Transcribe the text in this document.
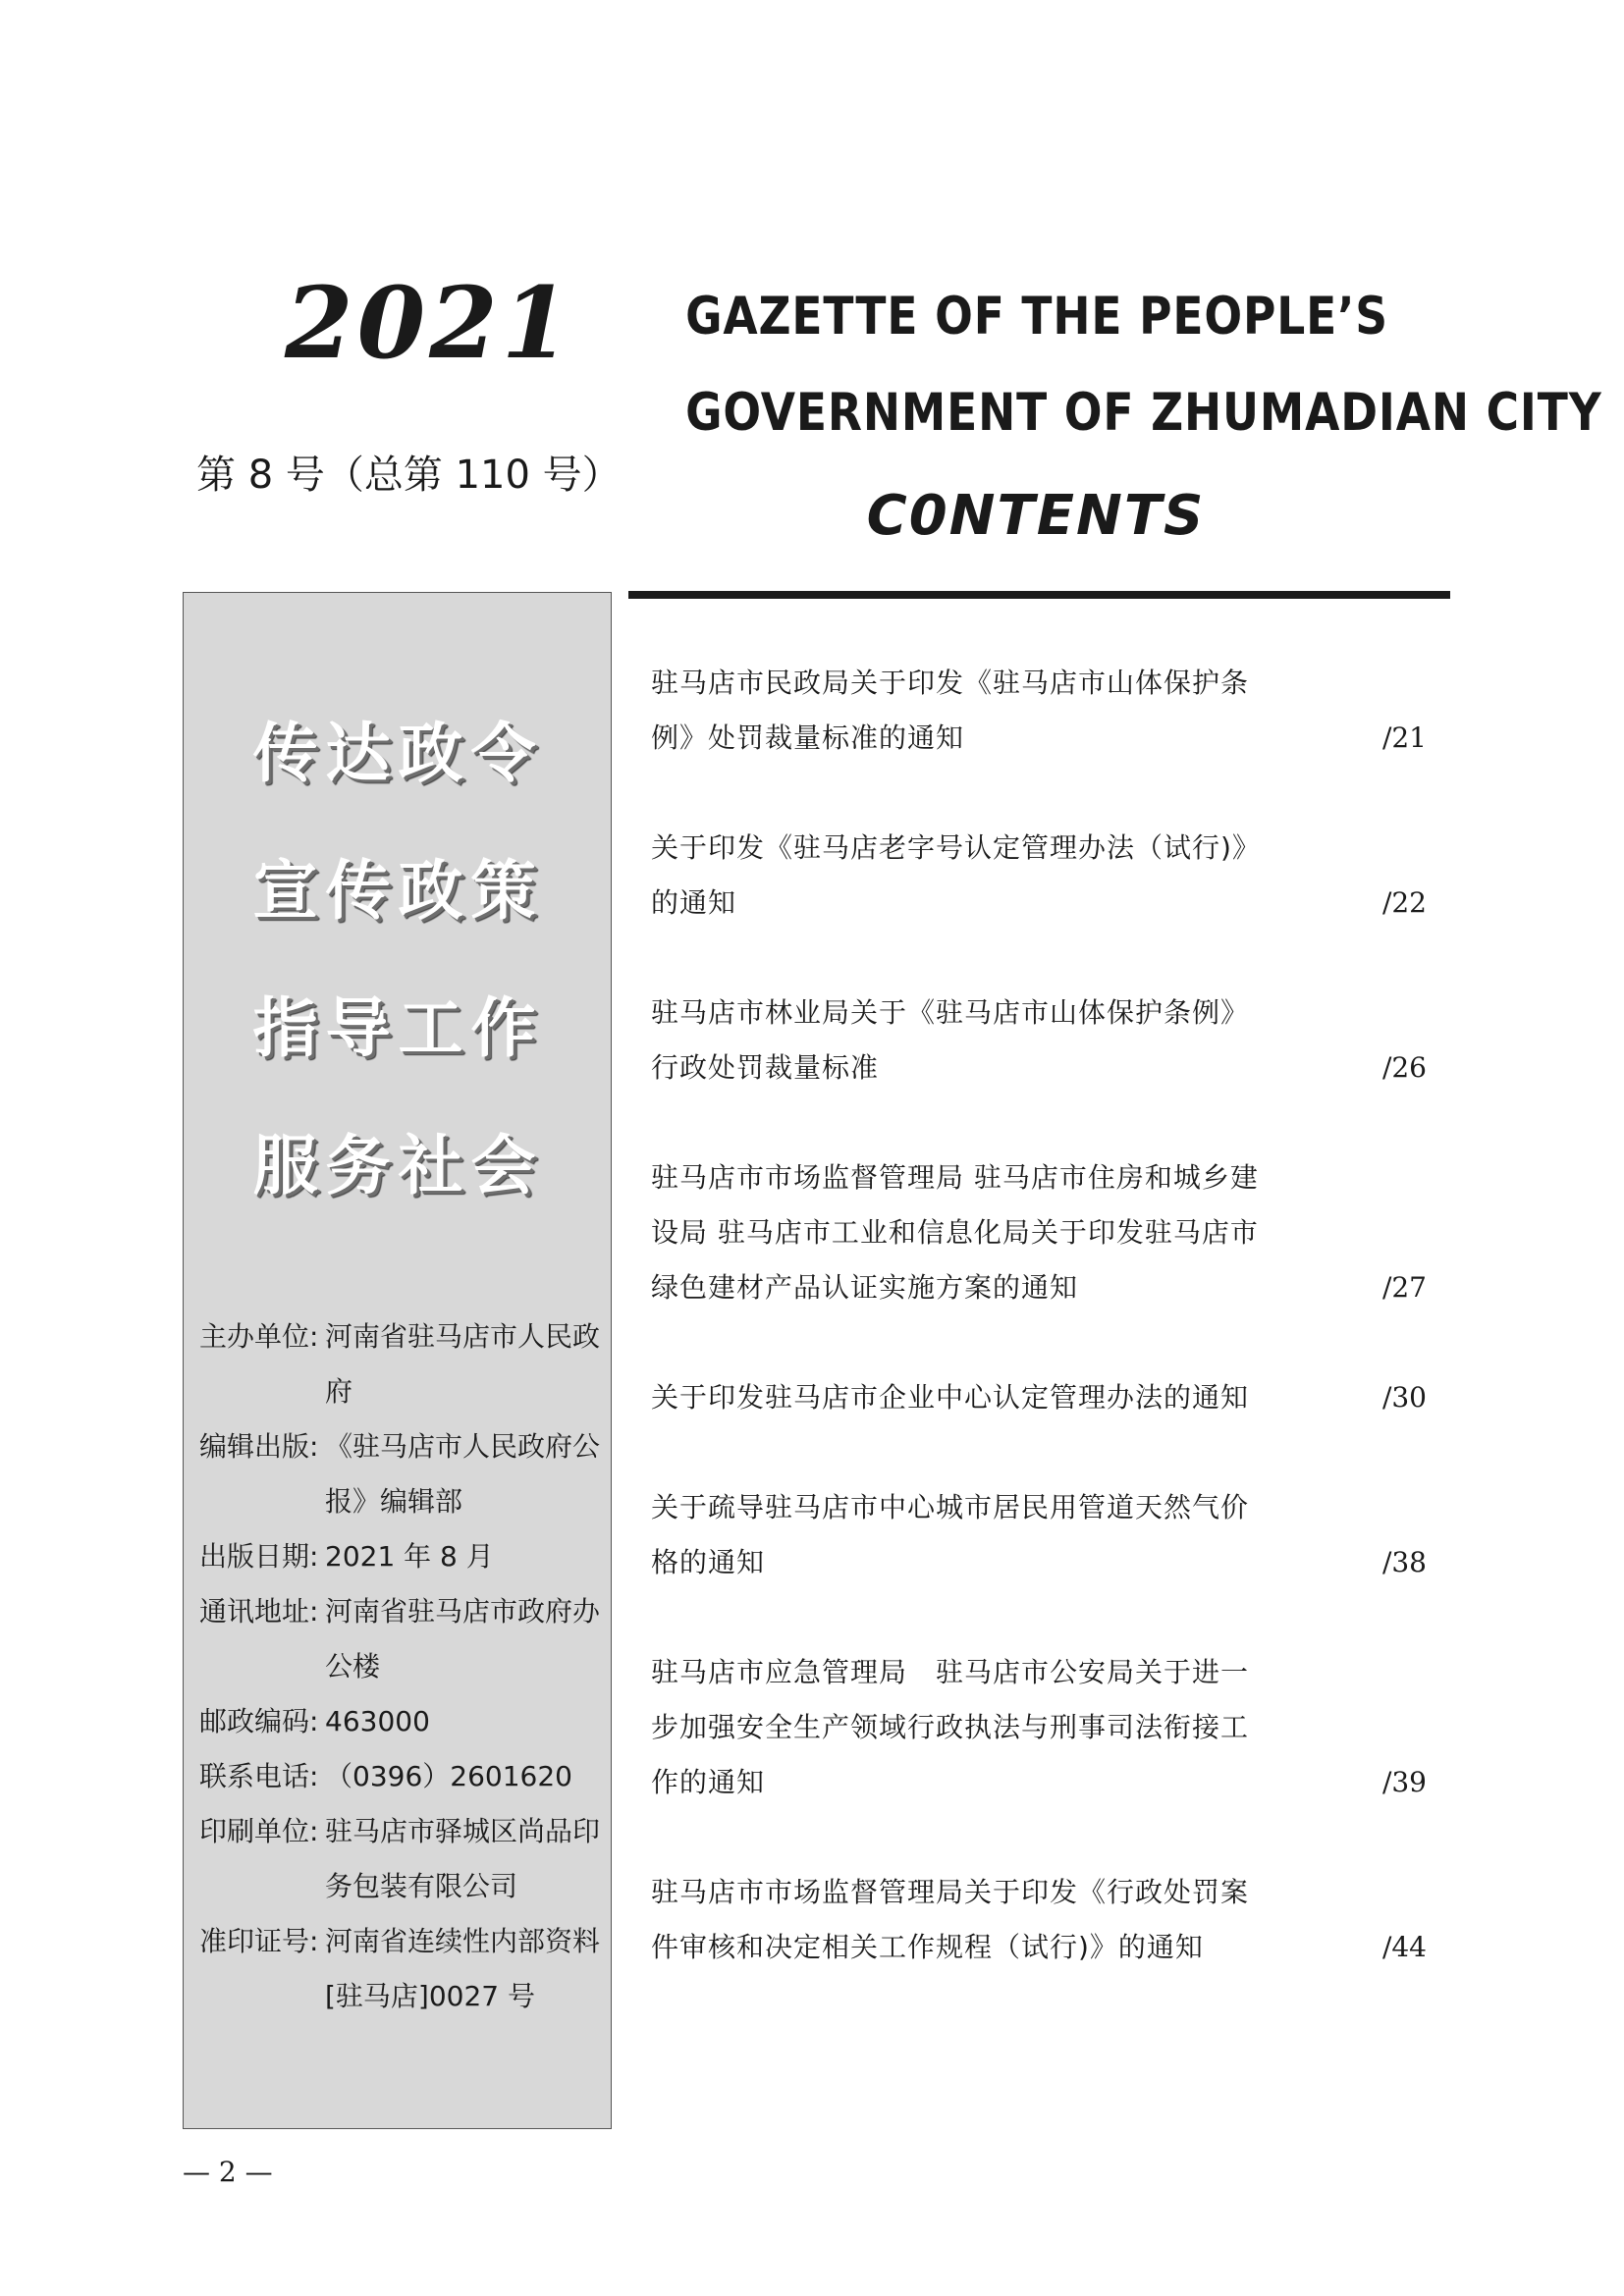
2021
第 8 号（总第 110 号）
GAZETTE OF THE PEOPLE’S
GOVERNMENT OF ZHUMADIAN CITY
C0NTENTS
传达政令
宣传政策
指导工作
服务社会
主办单位: 河南省驻马店市人民政府
编辑出版: 《驻马店市人民政府公报》编辑部
出版日期: 2021 年 8 月
通讯地址: 河南省驻马店市政府办公楼
邮政编码: 463000
联系电话: （0396）2601620
印刷单位: 驻马店市驿城区尚品印务包装有限公司
准印证号: 河南省连续性内部资料[驻马店]0027 号
驻马店市民政局关于印发《驻马店市山体保护条例》处罚裁量标准的通知	/21
关于印发《驻马店老字号认定管理办法（试行)》的通知	/22
驻马店市林业局关于《驻马店市山体保护条例》行政处罚裁量标准	/26
驻马店市市场监督管理局 驻马店市住房和城乡建设局 驻马店市工业和信息化局关于印发驻马店市绿色建材产品认证实施方案的通知	/27
关于印发驻马店市企业中心认定管理办法的通知	/30
关于疏导驻马店市中心城市居民用管道天然气价格的通知	/38
驻马店市应急管理局　驻马店市公安局关于进一步加强安全生产领域行政执法与刑事司法衔接工作的通知	/39
驻马店市市场监督管理局关于印发《行政处罚案件审核和决定相关工作规程（试行)》的通知	/44
— 2 —
